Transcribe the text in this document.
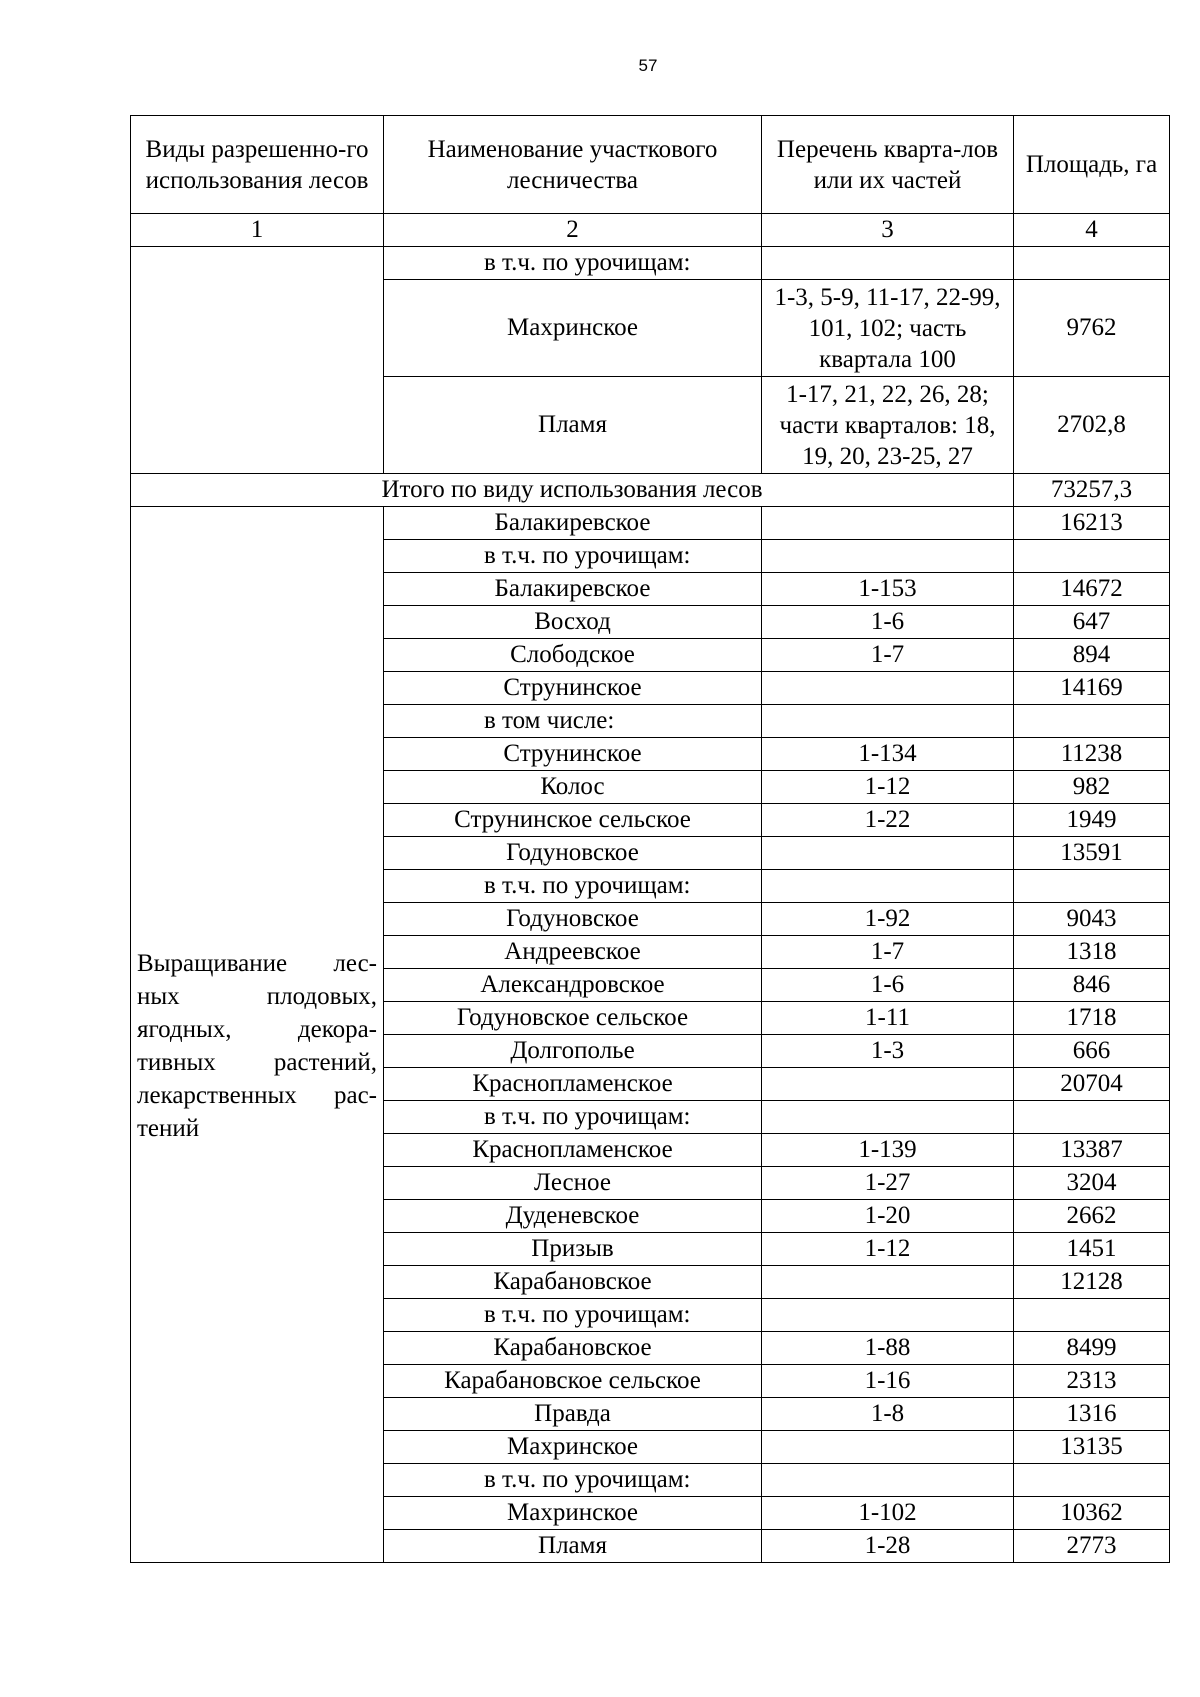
57
Виды разрешенно-го использования лесов	Наименование участкового лесничества	Перечень кварта-лов или их частей	Площадь, га
1	2	3	4
	в т.ч. по урочищам:		
	Махринское	1-3, 5-9, 11-17, 22-99, 101, 102; часть квартала 100	9762
	Пламя	1-17, 21, 22, 26, 28; части кварталов: 18, 19, 20, 23-25, 27	2702,8
Итого по виду использования лесов			73257,3

Выращивание лес-ных плодовых, ягодных, декора-тивных растений, лекарственных рас-тений	Балакиревское		16213
	в т.ч. по урочищам:		
	Балакиревское	1-153	14672
	Восход	1-6	647
	Слободское	1-7	894
	Струнинское		14169
	в том числе:		
	Струнинское	1-134	11238
	Колос	1-12	982
	Струнинское сельское	1-22	1949
	Годуновское		13591
	в т.ч. по урочищам:		
	Годуновское	1-92	9043
	Андреевское	1-7	1318
	Александровское	1-6	846
	Годуновское сельское	1-11	1718
	Долгополье	1-3	666
	Краснопламенское		20704
	в т.ч. по урочищам:		
	Краснопламенское	1-139	13387
	Лесное	1-27	3204
	Дуденевское	1-20	2662
	Призыв	1-12	1451
	Карабановское		12128
	в т.ч. по урочищам:		
	Карабановское	1-88	8499
	Карабановское сельское	1-16	2313
	Правда	1-8	1316
	Махринское		13135
	в т.ч. по урочищам:		
	Махринское	1-102	10362
	Пламя	1-28	2773
